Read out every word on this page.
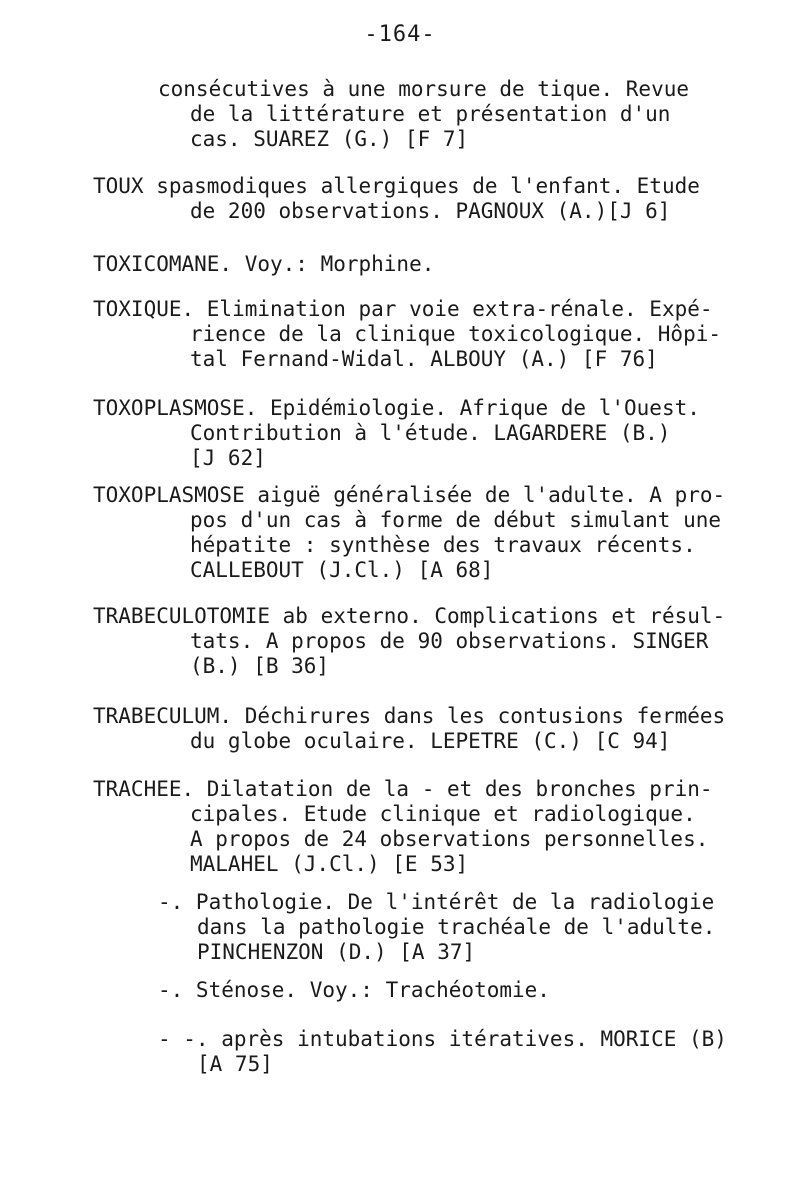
-164-
consécutives à une morsure de tique. Revue
de la littérature et présentation d'un
cas. SUAREZ (G.) [F 7]
TOUX spasmodiques allergiques de l'enfant. Etude
de 200 observations. PAGNOUX (A.)[J 6]
TOXICOMANE. Voy.: Morphine.
TOXIQUE. Elimination par voie extra-rénale. Expé-
rience de la clinique toxicologique. Hôpi-
tal Fernand-Widal. ALBOUY (A.) [F 76]
TOXOPLASMOSE. Epidémiologie. Afrique de l'Ouest.
Contribution à l'étude. LAGARDERE (B.)
[J 62]
TOXOPLASMOSE aiguë généralisée de l'adulte. A pro-
pos d'un cas à forme de début simulant une
hépatite : synthèse des travaux récents.
CALLEBOUT (J.Cl.) [A 68]
TRABECULOTOMIE ab externo. Complications et résul-
tats. A propos de 90 observations. SINGER
(B.) [B 36]
TRABECULUM. Déchirures dans les contusions fermées
du globe oculaire. LEPETRE (C.) [C 94]
TRACHEE. Dilatation de la - et des bronches prin-
cipales. Etude clinique et radiologique.
A propos de 24 observations personnelles.
MALAHEL (J.Cl.) [E 53]
-. Pathologie. De l'intérêt de la radiologie
dans la pathologie trachéale de l'adulte.
PINCHENZON (D.) [A 37]
-. Sténose. Voy.: Trachéotomie.
- -. après intubations itératives. MORICE (B)
[A 75]
